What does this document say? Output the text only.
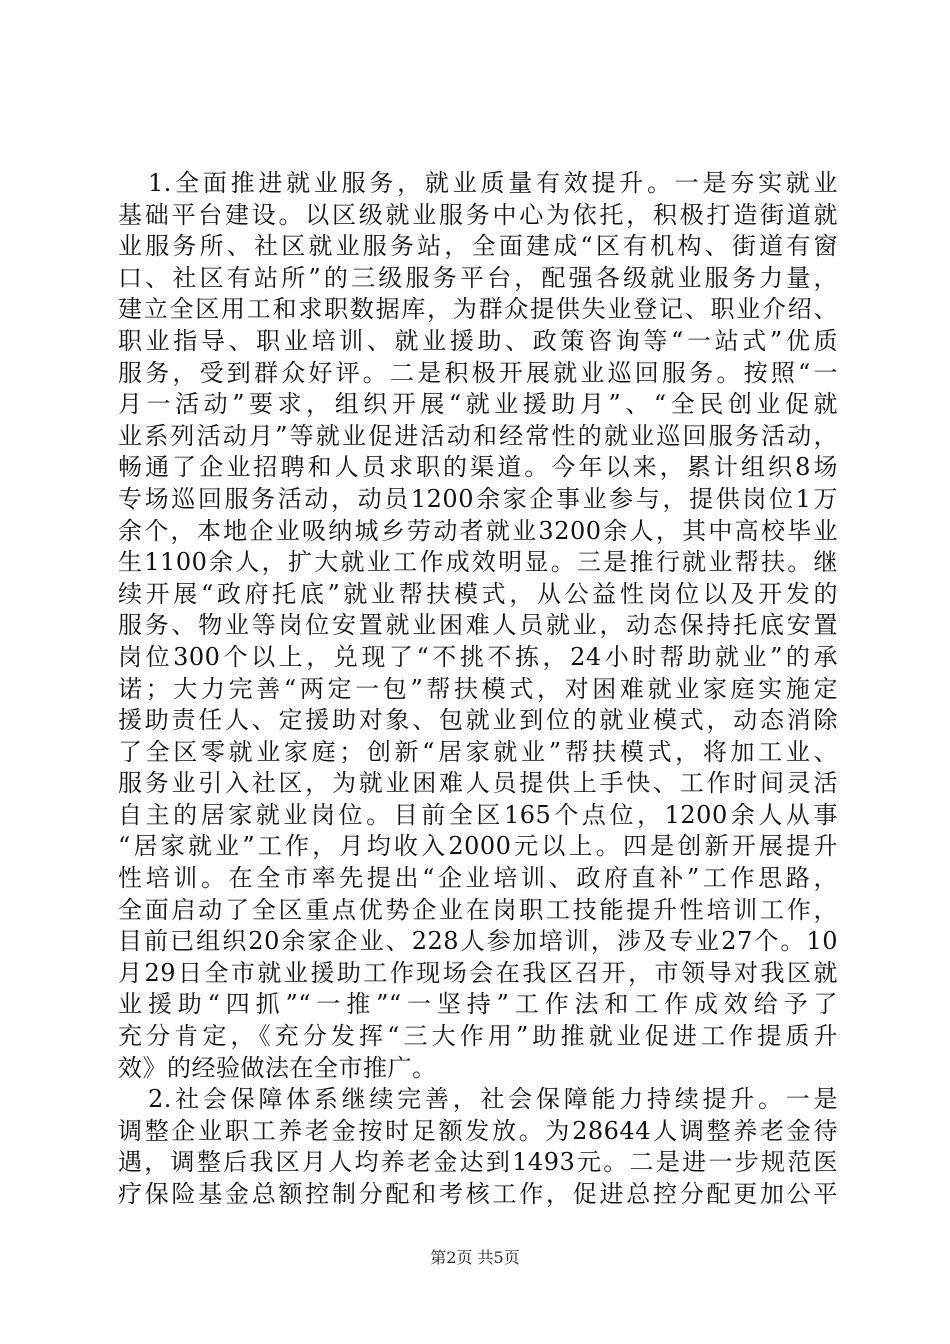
1.全面推进就业服务，就业质量有效提升。一是夯实就业
基础平台建设。以区级就业服务中心为依托，积极打造街道就
业服务所、社区就业服务站，全面建成“区有机构、街道有窗
口、社区有站所”的三级服务平台，配强各级就业服务力量，
建立全区用工和求职数据库，为群众提供失业登记、职业介绍、
职业指导、职业培训、就业援助、政策咨询等“一站式”优质
服务，受到群众好评。二是积极开展就业巡回服务。按照“一
月一活动”要求，组织开展“就业援助月”、“全民创业促就
业系列活动月”等就业促进活动和经常性的就业巡回服务活动，
畅通了企业招聘和人员求职的渠道。今年以来，累计组织8场
专场巡回服务活动，动员1200余家企事业参与，提供岗位1万
余个，本地企业吸纳城乡劳动者就业3200余人，其中高校毕业
生1100余人，扩大就业工作成效明显。三是推行就业帮扶。继
续开展“政府托底”就业帮扶模式，从公益性岗位以及开发的
服务、物业等岗位安置就业困难人员就业，动态保持托底安置
岗位300个以上，兑现了“不挑不拣，24小时帮助就业”的承
诺；大力完善“两定一包”帮扶模式，对困难就业家庭实施定
援助责任人、定援助对象、包就业到位的就业模式，动态消除
了全区零就业家庭；创新“居家就业”帮扶模式，将加工业、
服务业引入社区，为就业困难人员提供上手快、工作时间灵活
自主的居家就业岗位。目前全区165个点位，1200余人从事
“居家就业”工作，月均收入2000元以上。四是创新开展提升
性培训。在全市率先提出“企业培训、政府直补”工作思路，
全面启动了全区重点优势企业在岗职工技能提升性培训工作，
目前已组织20余家企业、228人参加培训，涉及专业27个。10
月29日全市就业援助工作现场会在我区召开，市领导对我区就
业援助“四抓”“一推”“一坚持”工作法和工作成效给予了
充分肯定，《充分发挥“三大作用”助推就业促进工作提质升
效》的经验做法在全市推广。
2.社会保障体系继续完善，社会保障能力持续提升。一是
调整企业职工养老金按时足额发放。为28644人调整养老金待
遇，调整后我区月人均养老金达到1493元。二是进一步规范医
疗保险基金总额控制分配和考核工作，促进总控分配更加公平
第2页 共5页
